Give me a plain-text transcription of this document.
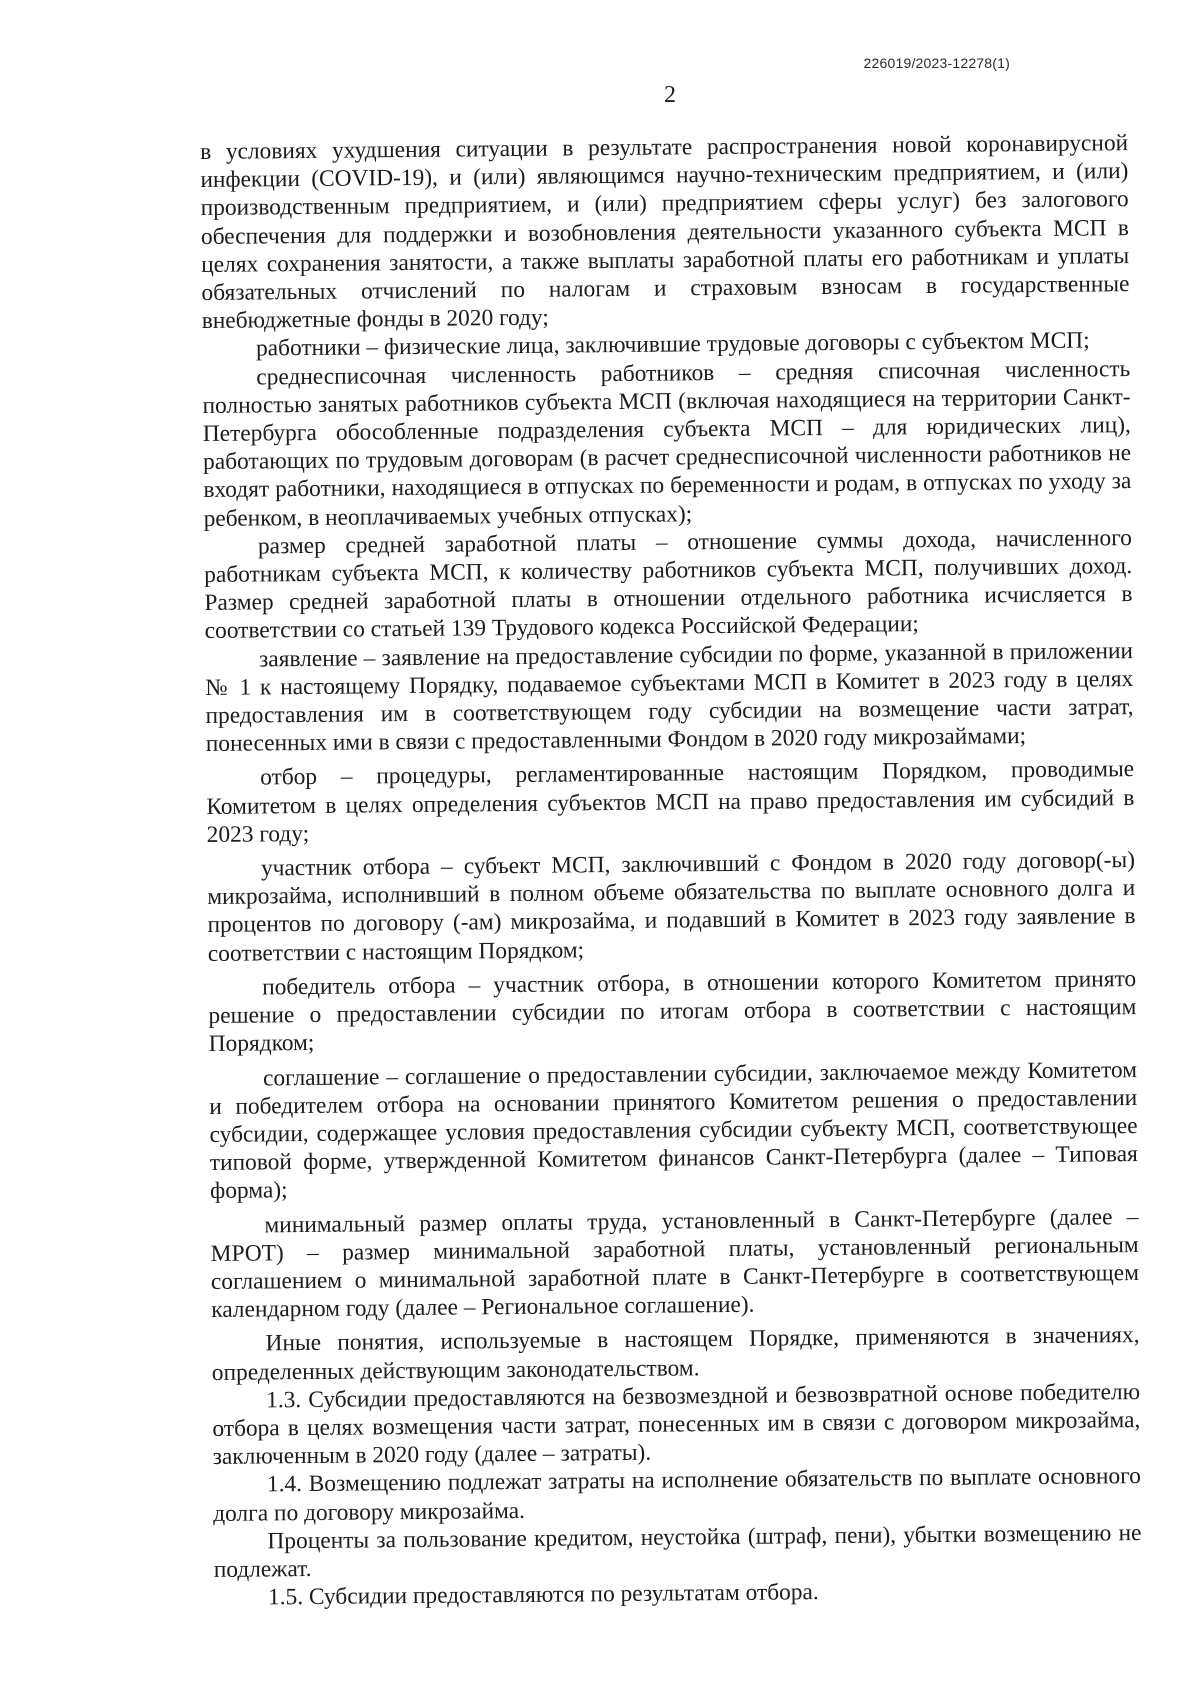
226019/2023-12278(1)
2

в условиях ухудшения ситуации в результате распространения новой коронавирусной инфекции (COVID-19), и (или) являющимся научно-техническим предприятием, и (или) производственным предприятием, и (или) предприятием сферы услуг) без залогового обеспечения для поддержки и возобновления деятельности указанного субъекта МСП в целях сохранения занятости, а также выплаты заработной платы его работникам и уплаты обязательных отчислений по налогам и страховым взносам в государственные внебюджетные фонды в 2020 году;

работники – физические лица, заключившие трудовые договоры с субъектом МСП;

среднесписочная численность работников – средняя списочная численность полностью занятых работников субъекта МСП (включая находящиеся на территории Санкт-Петербурга обособленные подразделения субъекта МСП – для юридических лиц), работающих по трудовым договорам (в расчет среднесписочной численности работников не входят работники, находящиеся в отпусках по беременности и родам, в отпусках по уходу за ребенком, в неоплачиваемых учебных отпусках);

размер средней заработной платы – отношение суммы дохода, начисленного работникам субъекта МСП, к количеству работников субъекта МСП, получивших доход. Размер средней заработной платы в отношении отдельного работника исчисляется в соответствии со статьей 139 Трудового кодекса Российской Федерации;

заявление – заявление на предоставление субсидии по форме, указанной в приложении № 1 к настоящему Порядку, подаваемое субъектами МСП в Комитет в 2023 году в целях предоставления им в соответствующем году субсидии на возмещение части затрат, понесенных ими в связи с предоставленными Фондом в 2020 году микрозаймами;

отбор – процедуры, регламентированные настоящим Порядком, проводимые Комитетом в целях определения субъектов МСП на право предоставления им субсидий в 2023 году;

участник отбора – субъект МСП, заключивший с Фондом в 2020 году договор(-ы) микрозайма, исполнивший в полном объеме обязательства по выплате основного долга и процентов по договору (-ам) микрозайма, и подавший в Комитет в 2023 году заявление в соответствии с настоящим Порядком;

победитель отбора – участник отбора, в отношении которого Комитетом принято решение о предоставлении субсидии по итогам отбора в соответствии с настоящим Порядком;

соглашение – соглашение о предоставлении субсидии, заключаемое между Комитетом и победителем отбора на основании принятого Комитетом решения о предоставлении субсидии, содержащее условия предоставления субсидии субъекту МСП, соответствующее типовой форме, утвержденной Комитетом финансов Санкт-Петербурга (далее – Типовая форма);

минимальный размер оплаты труда, установленный в Санкт-Петербурге (далее – МРОТ) – размер минимальной заработной платы, установленный региональным соглашением о минимальной заработной плате в Санкт-Петербурге в соответствующем календарном году (далее – Региональное соглашение).

Иные понятия, используемые в настоящем Порядке, применяются в значениях, определенных действующим законодательством.

1.3. Субсидии предоставляются на безвозмездной и безвозвратной основе победителю отбора в целях возмещения части затрат, понесенных им в связи с договором микрозайма, заключенным в 2020 году (далее – затраты).

1.4. Возмещению подлежат затраты на исполнение обязательств по выплате основного долга по договору микрозайма.

Проценты за пользование кредитом, неустойка (штраф, пени), убытки возмещению не подлежат.

1.5. Субсидии предоставляются по результатам отбора.
